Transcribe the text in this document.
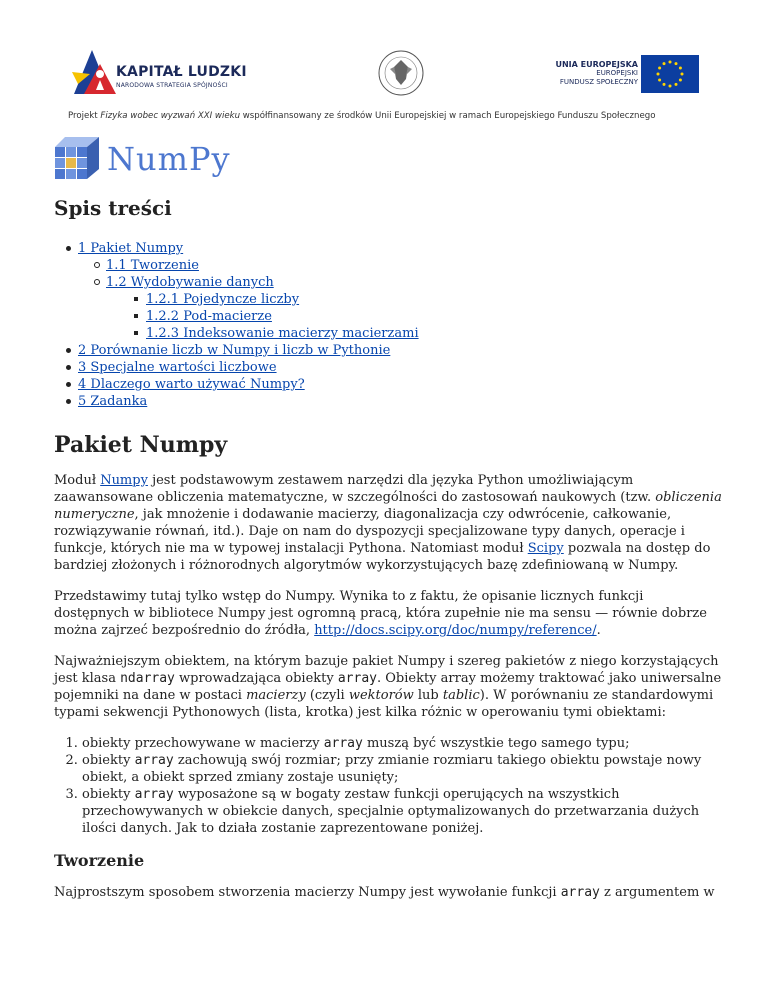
KAPITAŁ LUDZKI
NARODOWA STRATEGIA SPÓJNOŚCI
UNIA EUROPEJSKA
EUROPEJSKI
FUNDUSZ SPOŁECZNY
Projekt Fizyka wobec wyzwań XXI wieku współfinansowany ze środków Unii Europejskiej w ramach Europejskiego Funduszu Społecznego
NumPy
Spis treści
1 Pakiet Numpy
1.1 Tworzenie
1.2 Wydobywanie danych
1.2.1 Pojedyncze liczby
1.2.2 Pod-macierze
1.2.3 Indeksowanie macierzy macierzami
2 Porównanie liczb w Numpy i liczb w Pythonie
3 Specjalne wartości liczbowe
4 Dlaczego warto używać Numpy?
5 Zadanka
Pakiet Numpy

Moduł Numpy jest podstawowym zestawem narzędzi dla języka Python umożliwiającym zaawansowane obliczenia matematyczne, w szczególności do zastosowań naukowych (tzw. obliczenia numeryczne, jak mnożenie i dodawanie macierzy, diagonalizacja czy odwrócenie, całkowanie, rozwiązywanie równań, itd.). Daje on nam do dyspozycji specjalizowane typy danych, operacje i funkcje, których nie ma w typowej instalacji Pythona. Natomiast moduł Scipy pozwala na dostęp do bardziej złożonych i różnorodnych algorytmów wykorzystujących bazę zdefiniowaną w Numpy.

Przedstawimy tutaj tylko wstęp do Numpy. Wynika to z faktu, że opisanie licznych funkcji dostępnych w bibliotece Numpy jest ogromną pracą, która zupełnie nie ma sensu — równie dobrze można zajrzeć bezpośrednio do źródła, http://docs.scipy.org/doc/numpy/reference/.

Najważniejszym obiektem, na którym bazuje pakiet Numpy i szereg pakietów z niego korzystających jest klasa ndarray wprowadzająca obiekty array. Obiekty array możemy traktować jako uniwersalne pojemniki na dane w postaci macierzy (czyli wektorów lub tablic). W porównaniu ze standardowymi typami sekwencji Pythonowych (lista, krotka) jest kilka różnic w operowaniu tymi obiektami:

1. obiekty przechowywane w macierzy array muszą być wszystkie tego samego typu;
2. obiekty array zachowują swój rozmiar; przy zmianie rozmiaru takiego obiektu powstaje nowy obiekt, a obiekt sprzed zmiany zostaje usunięty;
3. obiekty array wyposażone są w bogaty zestaw funkcji operujących na wszystkich przechowywanych w obiekcie danych, specjalnie optymalizowanych do przetwarzania dużych ilości danych. Jak to działa zostanie zaprezentowane poniżej.
Tworzenie

Najprostszym sposobem stworzenia macierzy Numpy jest wywołanie funkcji array z argumentem w
